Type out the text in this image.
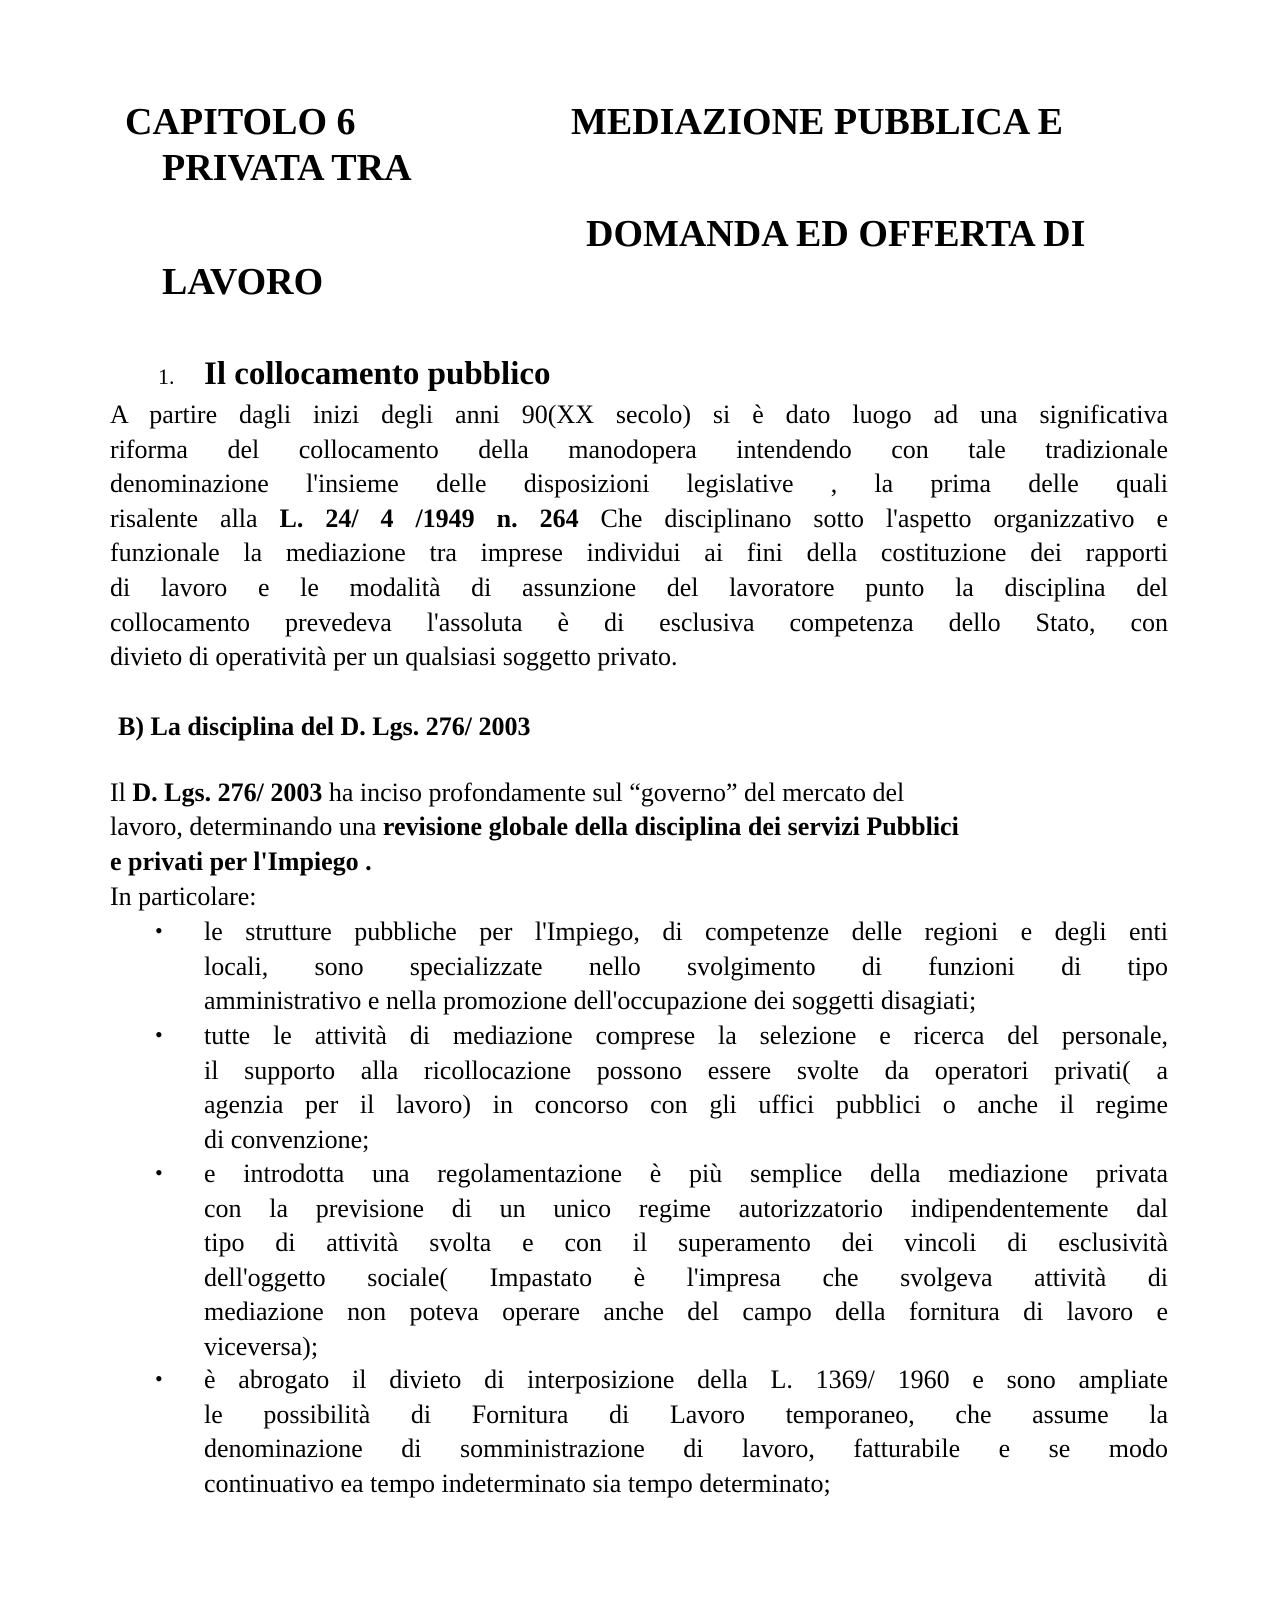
CAPITOLO 6	MEDIAZIONE PUBBLICA E
PRIVATA TRA
DOMANDA ED OFFERTA DI
LAVORO
1. Il collocamento pubblico
A partire dagli inizi degli anni 90(XX secolo) si è dato luogo ad una significativa
riforma del collocamento della manodopera intendendo con tale tradizionale
denominazione l'insieme delle disposizioni legislative , la prima delle quali
risalente alla L. 24/ 4 /1949 n. 264 Che disciplinano sotto l'aspetto organizzativo e
funzionale la mediazione tra imprese individui ai fini della costituzione dei rapporti
di lavoro e le modalità di assunzione del lavoratore punto la disciplina del
collocamento prevedeva l'assoluta è di esclusiva competenza dello Stato, con
divieto di operatività per un qualsiasi soggetto privato.
B) La disciplina del D. Lgs. 276/ 2003
Il D. Lgs. 276/ 2003 ha inciso profondamente sul “governo” del mercato del
lavoro, determinando una revisione globale della disciplina dei servizi Pubblici
e privati per l'Impiego .
In particolare:
• le strutture pubbliche per l'Impiego, di competenze delle regioni e degli enti
locali, sono specializzate nello svolgimento di funzioni di tipo
amministrativo e nella promozione dell'occupazione dei soggetti disagiati;
• tutte le attività di mediazione comprese la selezione e ricerca del personale,
il supporto alla ricollocazione possono essere svolte da operatori privati( a
agenzia per il lavoro) in concorso con gli uffici pubblici o anche il regime
di convenzione;
• e introdotta una regolamentazione è più semplice della mediazione privata
con la previsione di un unico regime autorizzatorio indipendentemente dal
tipo di attività svolta e con il superamento dei vincoli di esclusività
dell'oggetto sociale( Impastato è l'impresa che svolgeva attività di
mediazione non poteva operare anche del campo della fornitura di lavoro e
viceversa);
• è abrogato il divieto di interposizione della L. 1369/ 1960 e sono ampliate
le possibilità di Fornitura di Lavoro temporaneo, che assume la
denominazione di somministrazione di lavoro, fatturabile e se modo
continuativo ea tempo indeterminato sia tempo determinato;
